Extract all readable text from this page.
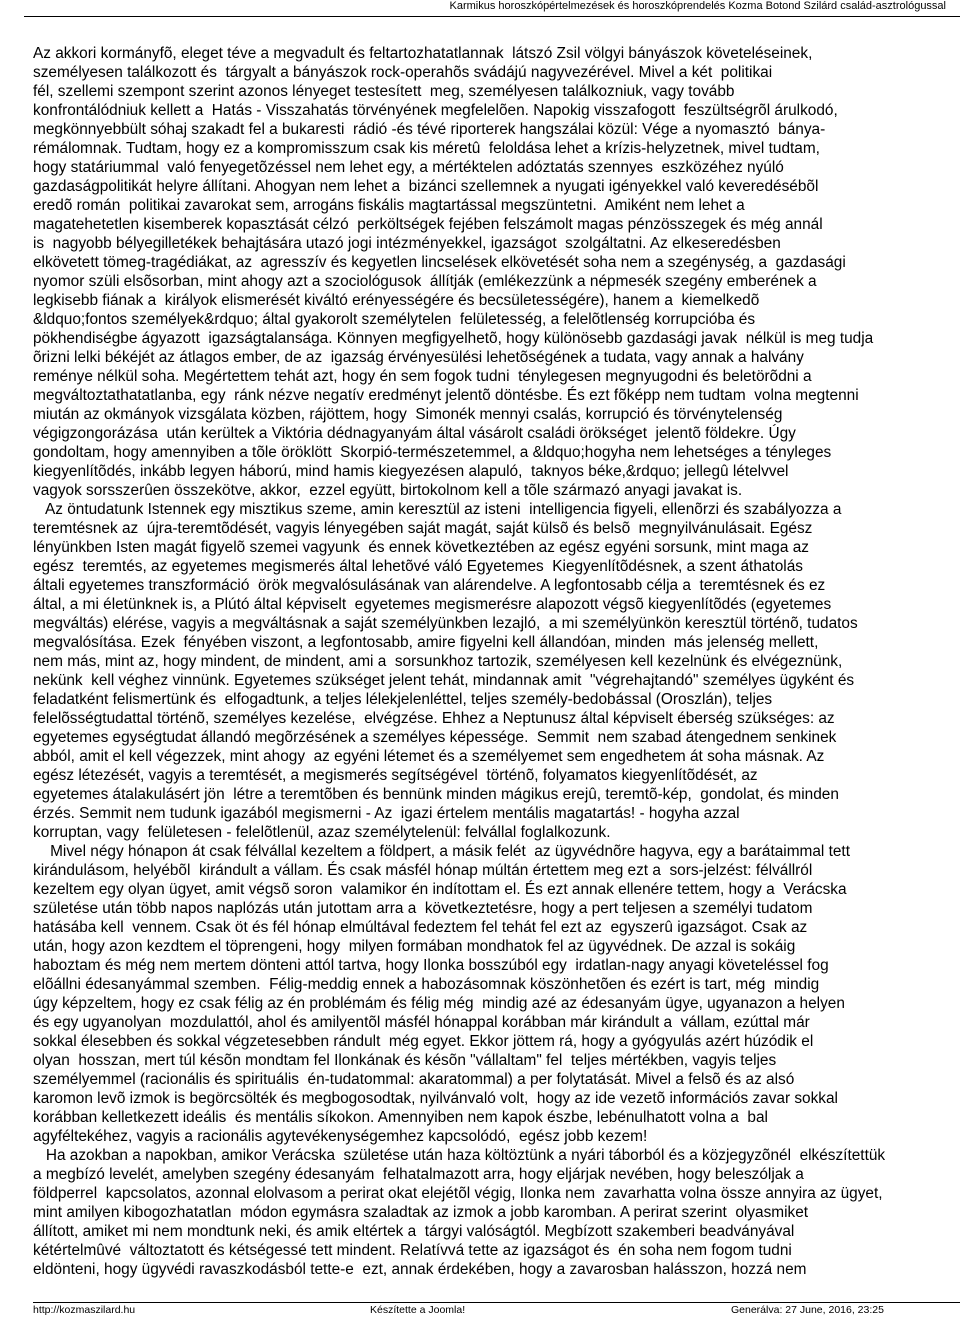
Karmikus horoszkópértelmezések és horoszkóprendelés Kozma Botond Szilárd család-asztrológussal
Az akkori kormányfõ, eleget téve a megvadult és feltartozhatatlannak  látszó Zsil völgyi bányászok követeléseinek,
személyesen találkozott és  tárgyalt a bányászok rock-operahõs svádájú nagyvezérével. Mivel a két  politikai
fél, szellemi szempont szerint azonos lényeget testesített  meg, személyesen találkozniuk, vagy tovább
konfrontálódniuk kellett a  Hatás - Visszahatás törvényének megfelelõen. Napokig visszafogott  feszültségrõl árulkodó,
megkönnyebbült sóhaj szakadt fel a bukaresti  rádió -és tévé riporterek hangszálai közül: Vége a nyomasztó  bánya-
rémálomnak. Tudtam, hogy ez a kompromisszum csak kis méretû  feloldása lehet a krízis-helyzetnek, mivel tudtam,
hogy statáriummal  való fenyegetõzéssel nem lehet egy, a mértéktelen adóztatás szennyes  eszközéhez nyúló
gazdaságpolitikát helyre állítani. Ahogyan nem lehet a  bizánci szellemnek a nyugati igényekkel való keveredésébõl
eredõ román  politikai zavarokat sem, arrogáns fiskális magtartással megszüntetni.  Amiként nem lehet a
magatehetetlen kisemberek kopasztását célzó  perköltségek fejében felszámolt magas pénzösszegek és még annál
is  nagyobb bélyegilletékek behajtására utazó jogi intézményekkel, igazságot  szolgáltatni. Az elkeseredésben
elkövetett tömeg-tragédiákat, az  agresszív és kegyetlen lincselések elkövetését soha nem a szegénység, a  gazdasági
nyomor szüli elsõsorban, mint ahogy azt a szociológusok  állítják (emlékezzünk a népmesék szegény emberének a
legkisebb fiának a  királyok elismerését kiváltó erényességére és becsületességére), hanem a  kiemelkedõ
&ldquo;fontos személyek&rdquo; által gyakorolt személytelen  felületesség, a felelõtlenség korrupcióba és
pökhendiségbe ágyazott  igazságtalansága. Könnyen megfigyelhetõ, hogy különösebb gazdasági javak  nélkül is meg tudja
õrizni lelki békéjét az átlagos ember, de az  igazság érvényesülési lehetõségének a tudata, vagy annak a halvány
reménye nélkül soha. Megértettem tehát azt, hogy én sem fogok tudni  ténylegesen megnyugodni és beletörõdni a
megváltoztathatatlanba, egy  ránk nézve negatív eredményt jelentõ döntésbe. És ezt fõképp nem tudtam  volna megtenni
miután az okmányok vizsgálata közben, rájöttem, hogy  Simonék mennyi csalás, korrupció és törvénytelenség
végigzongorázása  után kerültek a Viktória dédnagyanyám által vásárolt családi örökséget  jelentõ földekre. Úgy
gondoltam, hogy amennyiben a tõle öröklött  Skorpió-természetemmel, a &ldquo;hogyha nem lehetséges a tényleges
kiegyenlítõdés, inkább legyen háború, mind hamis kiegyezésen alapuló,  taknyos béke,&rdquo; jellegû lételvvel
vagyok sorsszerûen összekötve, akkor,  ezzel együtt, birtokolnom kell a tõle származó anyagi javakat is.
Az öntudatunk Istennek egy misztikus szeme, amin keresztül az isteni  intelligencia figyeli, ellenõrzi és szabályozza a
teremtésnek az  újra-teremtõdését, vagyis lényegében saját magát, saját külsõ és belsõ  megnyilvánulásait. Egész
lényünkben Isten magát figyelõ szemei vagyunk  és ennek következtében az egész egyéni sorsunk, mint maga az
egész  teremtés, az egyetemes megismerés által lehetõvé váló Egyetemes  Kiegyenlítõdésnek, a szent áthatolás
általi egyetemes transzformáció  örök megvalósulásának van alárendelve. A legfontosabb célja a  teremtésnek és ez
által, a mi életünknek is, a Plútó által képviselt  egyetemes megismerésre alapozott végsõ kiegyenlítõdés (egyetemes
megváltás) elérése, vagyis a megváltásnak a saját személyünkben lezajló,  a mi személyünkön keresztül történõ, tudatos
megvalósítása. Ezek  fényében viszont, a legfontosabb, amire figyelni kell állandóan, minden  más jelenség mellett,
nem más, mint az, hogy mindent, de mindent, ami a  sorsunkhoz tartozik, személyesen kell kezelnünk és elvégeznünk,
nekünk  kell véghez vinnünk. Egyetemes szükséget jelent tehát, mindannak amit  "végrehajtandó" személyes ügyként és
feladatként felismertünk és  elfogadtunk, a teljes lélekjelenléttel, teljes személy-bedobással (Oroszlán), teljes
felelõsségtudattal történõ, személyes kezelése,  elvégzése. Ehhez a Neptunusz által képviselt éberség szükséges: az
egyetemes egységtudat állandó megõrzésének a személyes képessége.  Semmit  nem szabad átengednem senkinek
abból, amit el kell végezzek, mint ahogy  az egyéni létemet és a személyemet sem engedhetem át soha másnak. Az
egész létezését, vagyis a teremtését, a megismerés segítségével  történõ, folyamatos kiegyenlítõdését, az
egyetemes átalakulásért jön  létre a teremtõben és bennünk minden mágikus erejû, teremtõ-kép,  gondolat, és minden
érzés. Semmit nem tudunk igazából megismerni - Az  igazi értelem mentális magatartás! - hogyha azzal
korruptan, vagy  felületesen - felelõtlenül, azaz személytelenül: felvállal foglalkozunk.
Mivel négy hónapon át csak félvállal kezeltem a földpert, a másik felét  az ügyvédnõre hagyva, egy a barátaimmal tett
kirándulásom, helyébõl  kirándult a vállam. És csak másfél hónap múltán értettem meg ezt a  sors-jelzést: félvállról
kezeltem egy olyan ügyet, amit végsõ soron  valamikor én indítottam el. És ezt annak ellenére tettem, hogy a  Verácska
születése után több napos naplózás után jutottam arra a  következtetésre, hogy a pert teljesen a személyi tudatom
hatásába kell  vennem. Csak öt és fél hónap elmúltával fedeztem fel tehát fel ezt az  egyszerû igazságot. Csak az
után, hogy azon kezdtem el töprengeni, hogy  milyen formában mondhatok fel az ügyvédnek. De azzal is sokáig
haboztam és még nem mertem dönteni attól tartva, hogy Ilonka bosszúból egy  irdatlan-nagy anyagi követeléssel fog
elõállni édesanyámmal szemben.  Félig-meddig ennek a habozásomnak köszönhetõen és ezért is tart, még  mindig
úgy képzeltem, hogy ez csak félig az én problémám és félig még  mindig azé az édesanyám ügye, ugyanazon a helyen
és egy ugyanolyan  mozdulattól, ahol és amilyentõl másfél hónappal korábban már kirándult a  vállam, ezúttal már
sokkal élesebben és sokkal végzetesebben rándult  még egyet. Ekkor jöttem rá, hogy a gyógyulás azért húzódik el
olyan  hosszan, mert túl késõn mondtam fel Ilonkának és késõn "vállaltam" fel  teljes mértékben, vagyis teljes
személyemmel (racionális és spirituális  én-tudatommal: akaratommal) a per folytatását. Mivel a felsõ és az alsó
karomon levõ izmok is begörcsölték és megbogosodtak, nyilvánvaló volt,  hogy az ide vezetõ információs zavar sokkal
korábban kelletkezett ideális  és mentális síkokon. Amennyiben nem kapok észbe, lebénulhatott volna a  bal
agyféltekéhez, vagyis a racionális agytevékenységemhez kapcsolódó,  egész jobb kezem!
Ha azokban a napokban, amikor Verácska  születése után haza költöztünk a nyári táborból és a közjegyzõnél  elkészítettük
a megbízó levelét, amelyben szegény édesanyám  felhatalmazott arra, hogy eljárjak nevében, hogy beleszóljak a
földperrel  kapcsolatos, azonnal elolvasom a perirat okat elejétõl végig, Ilonka nem  zavarhatta volna össze annyira az ügyet,
mint amilyen kibogozhatatlan  módon egymásra szaladtak az izmok a jobb karomban. A perirat szerint  olyasmiket
állított, amiket mi nem mondtunk neki, és amik eltértek a  tárgyi valóságtól. Megbízott szakemberi beadványával
kétértelmûvé  változtatott és kétségessé tett mindent. Relatívvá tette az igazságot és  én soha nem fogom tudni
eldönteni, hogy ügyvédi ravaszkodásból tette-e  ezt, annak érdekében, hogy a zavarosban halásszon, hozzá nem
http://kozmaszilard.hu	Készítette a Joomla!	Generálva: 27 June, 2016, 23:25
